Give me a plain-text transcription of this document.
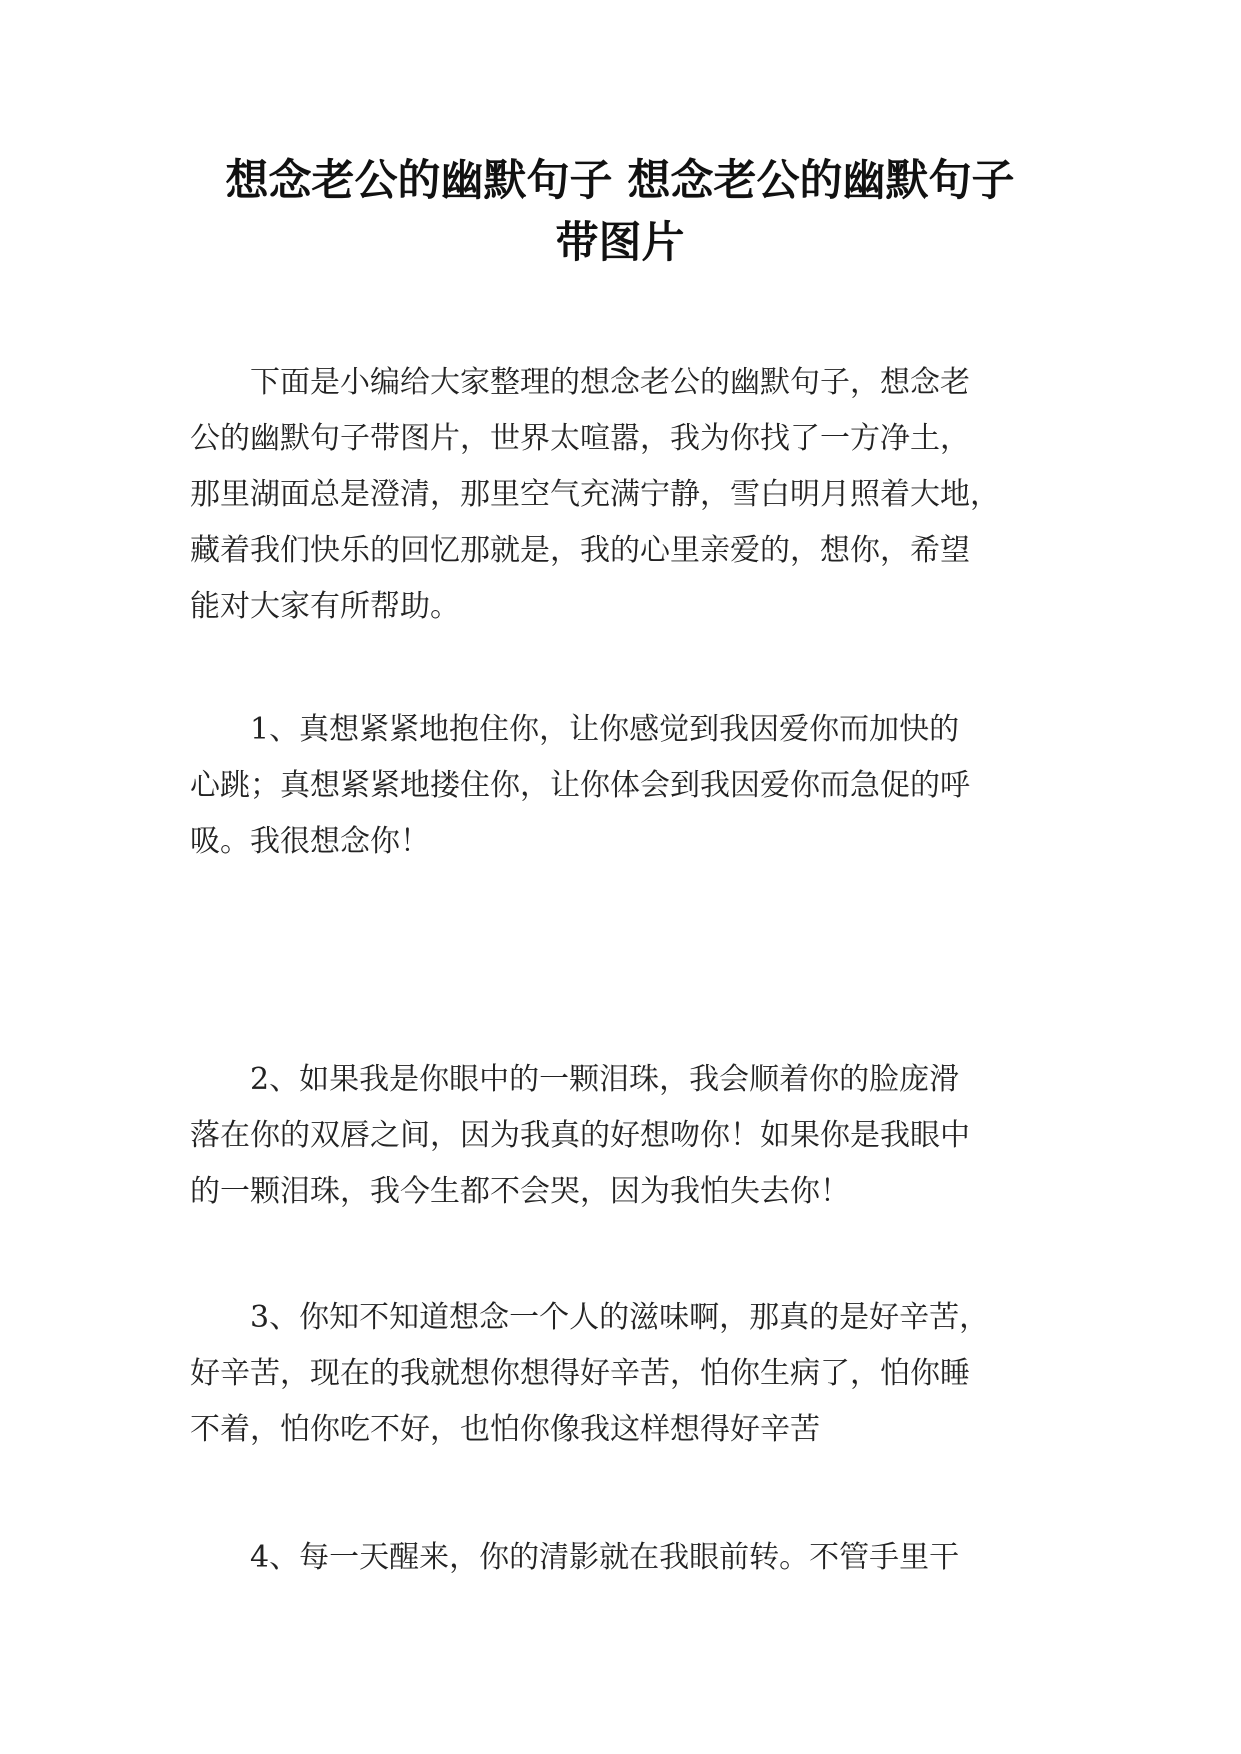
想念老公的幽默句子 想念老公的幽默句子
带图片

　　下面是小编给大家整理的想念老公的幽默句子，想念老
公的幽默句子带图片，世界太喧嚣，我为你找了一方净土，
那里湖面总是澄清，那里空气充满宁静，雪白明月照着大地，
藏着我们快乐的回忆那就是，我的心里亲爱的，想你，希望
能对大家有所帮助。

　　1、真想紧紧地抱住你，让你感觉到我因爱你而加快的
心跳；真想紧紧地搂住你，让你体会到我因爱你而急促的呼
吸。我很想念你！

　　2、如果我是你眼中的一颗泪珠，我会顺着你的脸庞滑
落在你的双唇之间，因为我真的好想吻你！如果你是我眼中
的一颗泪珠，我今生都不会哭，因为我怕失去你！

　　3、你知不知道想念一个人的滋味啊，那真的是好辛苦，
好辛苦，现在的我就想你想得好辛苦，怕你生病了，怕你睡
不着，怕你吃不好，也怕你像我这样想得好辛苦

　　4、每一天醒来，你的清影就在我眼前转。不管手里干
